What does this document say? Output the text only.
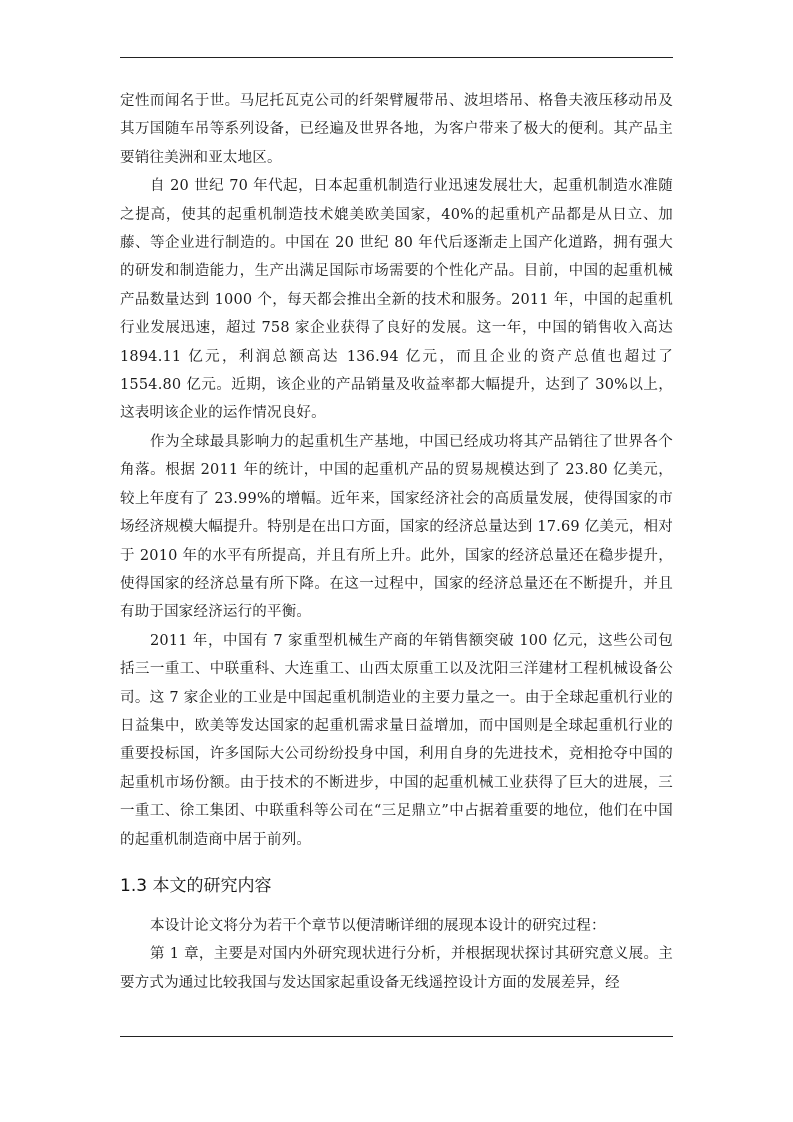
定性而闻名于世。马尼托瓦克公司的纤架臂履带吊、波坦塔吊、格鲁夫液压移动吊及其万国随车吊等系列设备，已经遍及世界各地，为客户带来了极大的便利。其产品主要销往美洲和亚太地区。

自 20 世纪 70 年代起，日本起重机制造行业迅速发展壮大，起重机制造水准随之提高，使其的起重机制造技术媲美欧美国家，40%的起重机产品都是从日立、加藤、等企业进行制造的。中国在 20 世纪 80 年代后逐渐走上国产化道路，拥有强大的研发和制造能力，生产出满足国际市场需要的个性化产品。目前，中国的起重机械产品数量达到 1000 个，每天都会推出全新的技术和服务。2011 年，中国的起重机行业发展迅速，超过 758 家企业获得了良好的发展。这一年，中国的销售收入高达 1894.11 亿元，利润总额高达 136.94 亿元，而且企业的资产总值也超过了 1554.80 亿元。近期，该企业的产品销量及收益率都大幅提升，达到了 30%以上，这表明该企业的运作情况良好。

作为全球最具影响力的起重机生产基地，中国已经成功将其产品销往了世界各个角落。根据 2011 年的统计，中国的起重机产品的贸易规模达到了 23.80 亿美元，较上年度有了 23.99%的增幅。近年来，国家经济社会的高质量发展，使得国家的市场经济规模大幅提升。特别是在出口方面，国家的经济总量达到 17.69 亿美元，相对于 2010 年的水平有所提高，并且有所上升。此外，国家的经济总量还在稳步提升，使得国家的经济总量有所下降。在这一过程中，国家的经济总量还在不断提升，并且有助于国家经济运行的平衡。

2011 年，中国有 7 家重型机械生产商的年销售额突破 100 亿元，这些公司包括三一重工、中联重科、大连重工、山西太原重工以及沈阳三洋建材工程机械设备公司。这 7 家企业的工业是中国起重机制造业的主要力量之一。由于全球起重机行业的日益集中，欧美等发达国家的起重机需求量日益增加，而中国则是全球起重机行业的重要投标国，许多国际大公司纷纷投身中国，利用自身的先进技术，竞相抢夺中国的起重机市场份额。由于技术的不断进步，中国的起重机械工业获得了巨大的进展，三一重工、徐工集团、中联重科等公司在“三足鼎立”中占据着重要的地位，他们在中国的起重机制造商中居于前列。

1.3 本文的研究内容

本设计论文将分为若干个章节以便清晰详细的展现本设计的研究过程：

第 1 章，主要是对国内外研究现状进行分析，并根据现状探讨其研究意义展。主要方式为通过比较我国与发达国家起重设备无线遥控设计方面的发展差异，经
